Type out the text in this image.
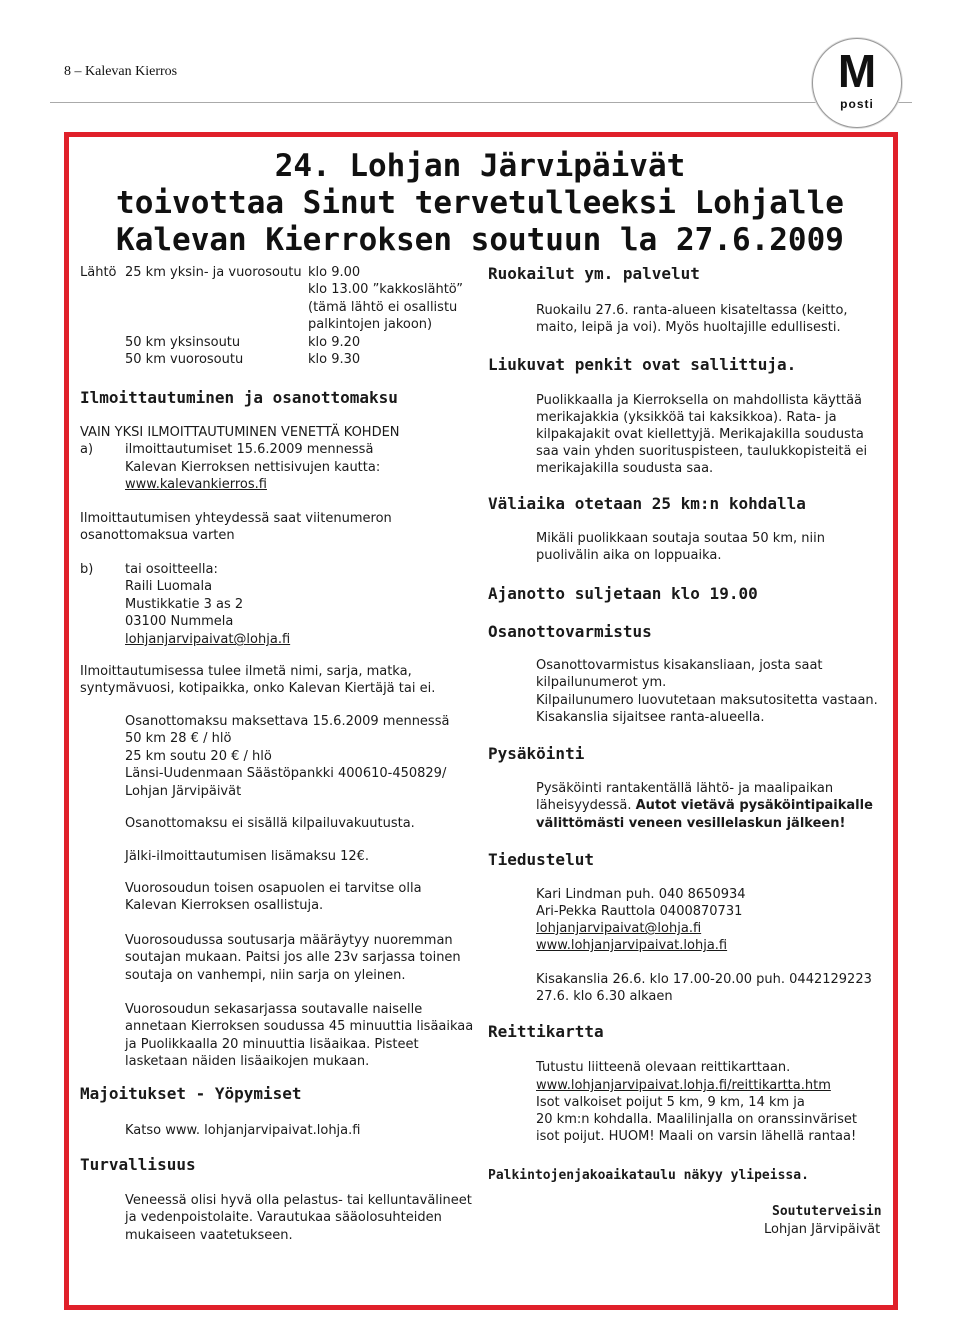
8 – Kalevan Kierros	M
posti
24. Lohjan Järvipäivät
toivottaa Sinut tervetulleeksi Lohjalle
Kalevan Kierroksen soutuun la 27.6.2009
Lähtö 25 km yksin- ja vuorosoutu klo 9.00
klo 13.00 ”kakkoslähtö”
(tämä lähtö ei osallistu
palkintojen jakoon)
50 km yksinsoutu	klo 9.20
50 km vuorosoutu	klo 9.30
Ilmoittautuminen ja osanottomaksu
VAIN YKSI ILMOITTAUTUMINEN VENETTÄ KOHDEN
a) ilmoittautumiset 15.6.2009 mennessä
Kalevan Kierroksen nettisivujen kautta:
www.kalevankierros.fi
Ilmoittautumisen yhteydessä saat viitenumeron
osanottomaksua varten
b) tai osoitteella:
Raili Luomala
Mustikkatie 3 as 2
03100 Nummela
lohjanjarvipaivat@lohja.fi
Ilmoittautumisessa tulee ilmetä nimi, sarja, matka,
syntymävuosi, kotipaikka, onko Kalevan Kiertäjä tai ei.
Osanottomaksu maksettava 15.6.2009 mennessä
50 km 28 € / hlö
25 km soutu 20 € / hlö
Länsi-Uudenmaan Säästöpankki 400610-450829/
Lohjan Järvipäivät
Osanottomaksu ei sisällä kilpailuvakuutusta.
Jälki-ilmoittautumisen lisämaksu 12€.
Vuorosoudun toisen osapuolen ei tarvitse olla
Kalevan Kierroksen osallistuja.
Vuorosoudussa soutusarja määräytyy nuoremman
soutajan mukaan. Paitsi jos alle 23v sarjassa toinen
soutaja on vanhempi, niin sarja on yleinen.
Vuorosoudun sekasarjassa soutavalle naiselle
annetaan Kierroksen soudussa 45 minuuttia lisäaikaa
ja Puolikkaalla 20 minuuttia lisäaikaa. Pisteet
lasketaan näiden lisäaikojen mukaan.
Majoitukset - Yöpymiset
Katso www. lohjanjarvipaivat.lohja.fi
Turvallisuus
Veneessä olisi hyvä olla pelastus- tai kelluntavälineet
ja vedenpoistolaite. Varautukaa sääolosuhteiden
mukaiseen vaatetukseen.
Ruokailut ym. palvelut
Ruokailu 27.6. ranta-alueen kisateltassa (keitto,
maito, leipä ja voi). Myös huoltajille edullisesti.
Liukuvat penkit ovat sallittuja.
Puolikkaalla ja Kierroksella on mahdollista käyttää
merikajakkia (yksikköä tai kaksikkoa). Rata- ja
kilpakajakit ovat kiellettyjä. Merikajakilla soudusta
saa vain yhden suorituspisteen, taulukkopisteitä ei
merikajakilla soudusta saa.
Väliaika otetaan 25 km:n kohdalla
Mikäli puolikkaan soutaja soutaa 50 km, niin
puolivälin aika on loppuaika.
Ajanotto suljetaan klo 19.00
Osanottovarmistus
Osanottovarmistus kisakansliaan, josta saat
kilpailunumerot ym.
Kilpailunumero luovutetaan maksutositetta vastaan.
Kisakanslia sijaitsee ranta-alueella.
Pysäköinti
Pysäköinti rantakentällä lähtö- ja maalipaikan
läheisyydessä. Autot vietävä pysäköintipaikalle
välittömästi veneen vesillelaskun jälkeen!
Tiedustelut
Kari Lindman puh. 040 8650934
Ari-Pekka Rauttola 0400870731
lohjanjarvipaivat@lohja.fi
www.lohjanjarvipaivat.lohja.fi
Kisakanslia 26.6. klo 17.00-20.00 puh. 0442129223
27.6. klo 6.30 alkaen
Reittikartta
Tutustu liitteenä olevaan reittikarttaan.
www.lohjanjarvipaivat.lohja.fi/reittikartta.htm
Isot valkoiset poijut 5 km, 9 km, 14 km ja
20 km:n kohdalla. Maalilinjalla on oranssinväriset
isot poijut. HUOM! Maali on varsin lähellä rantaa!
Palkintojenjakoaikataulu näkyy ylipeissa.
Soututerveisin
Lohjan Järvipäivät
